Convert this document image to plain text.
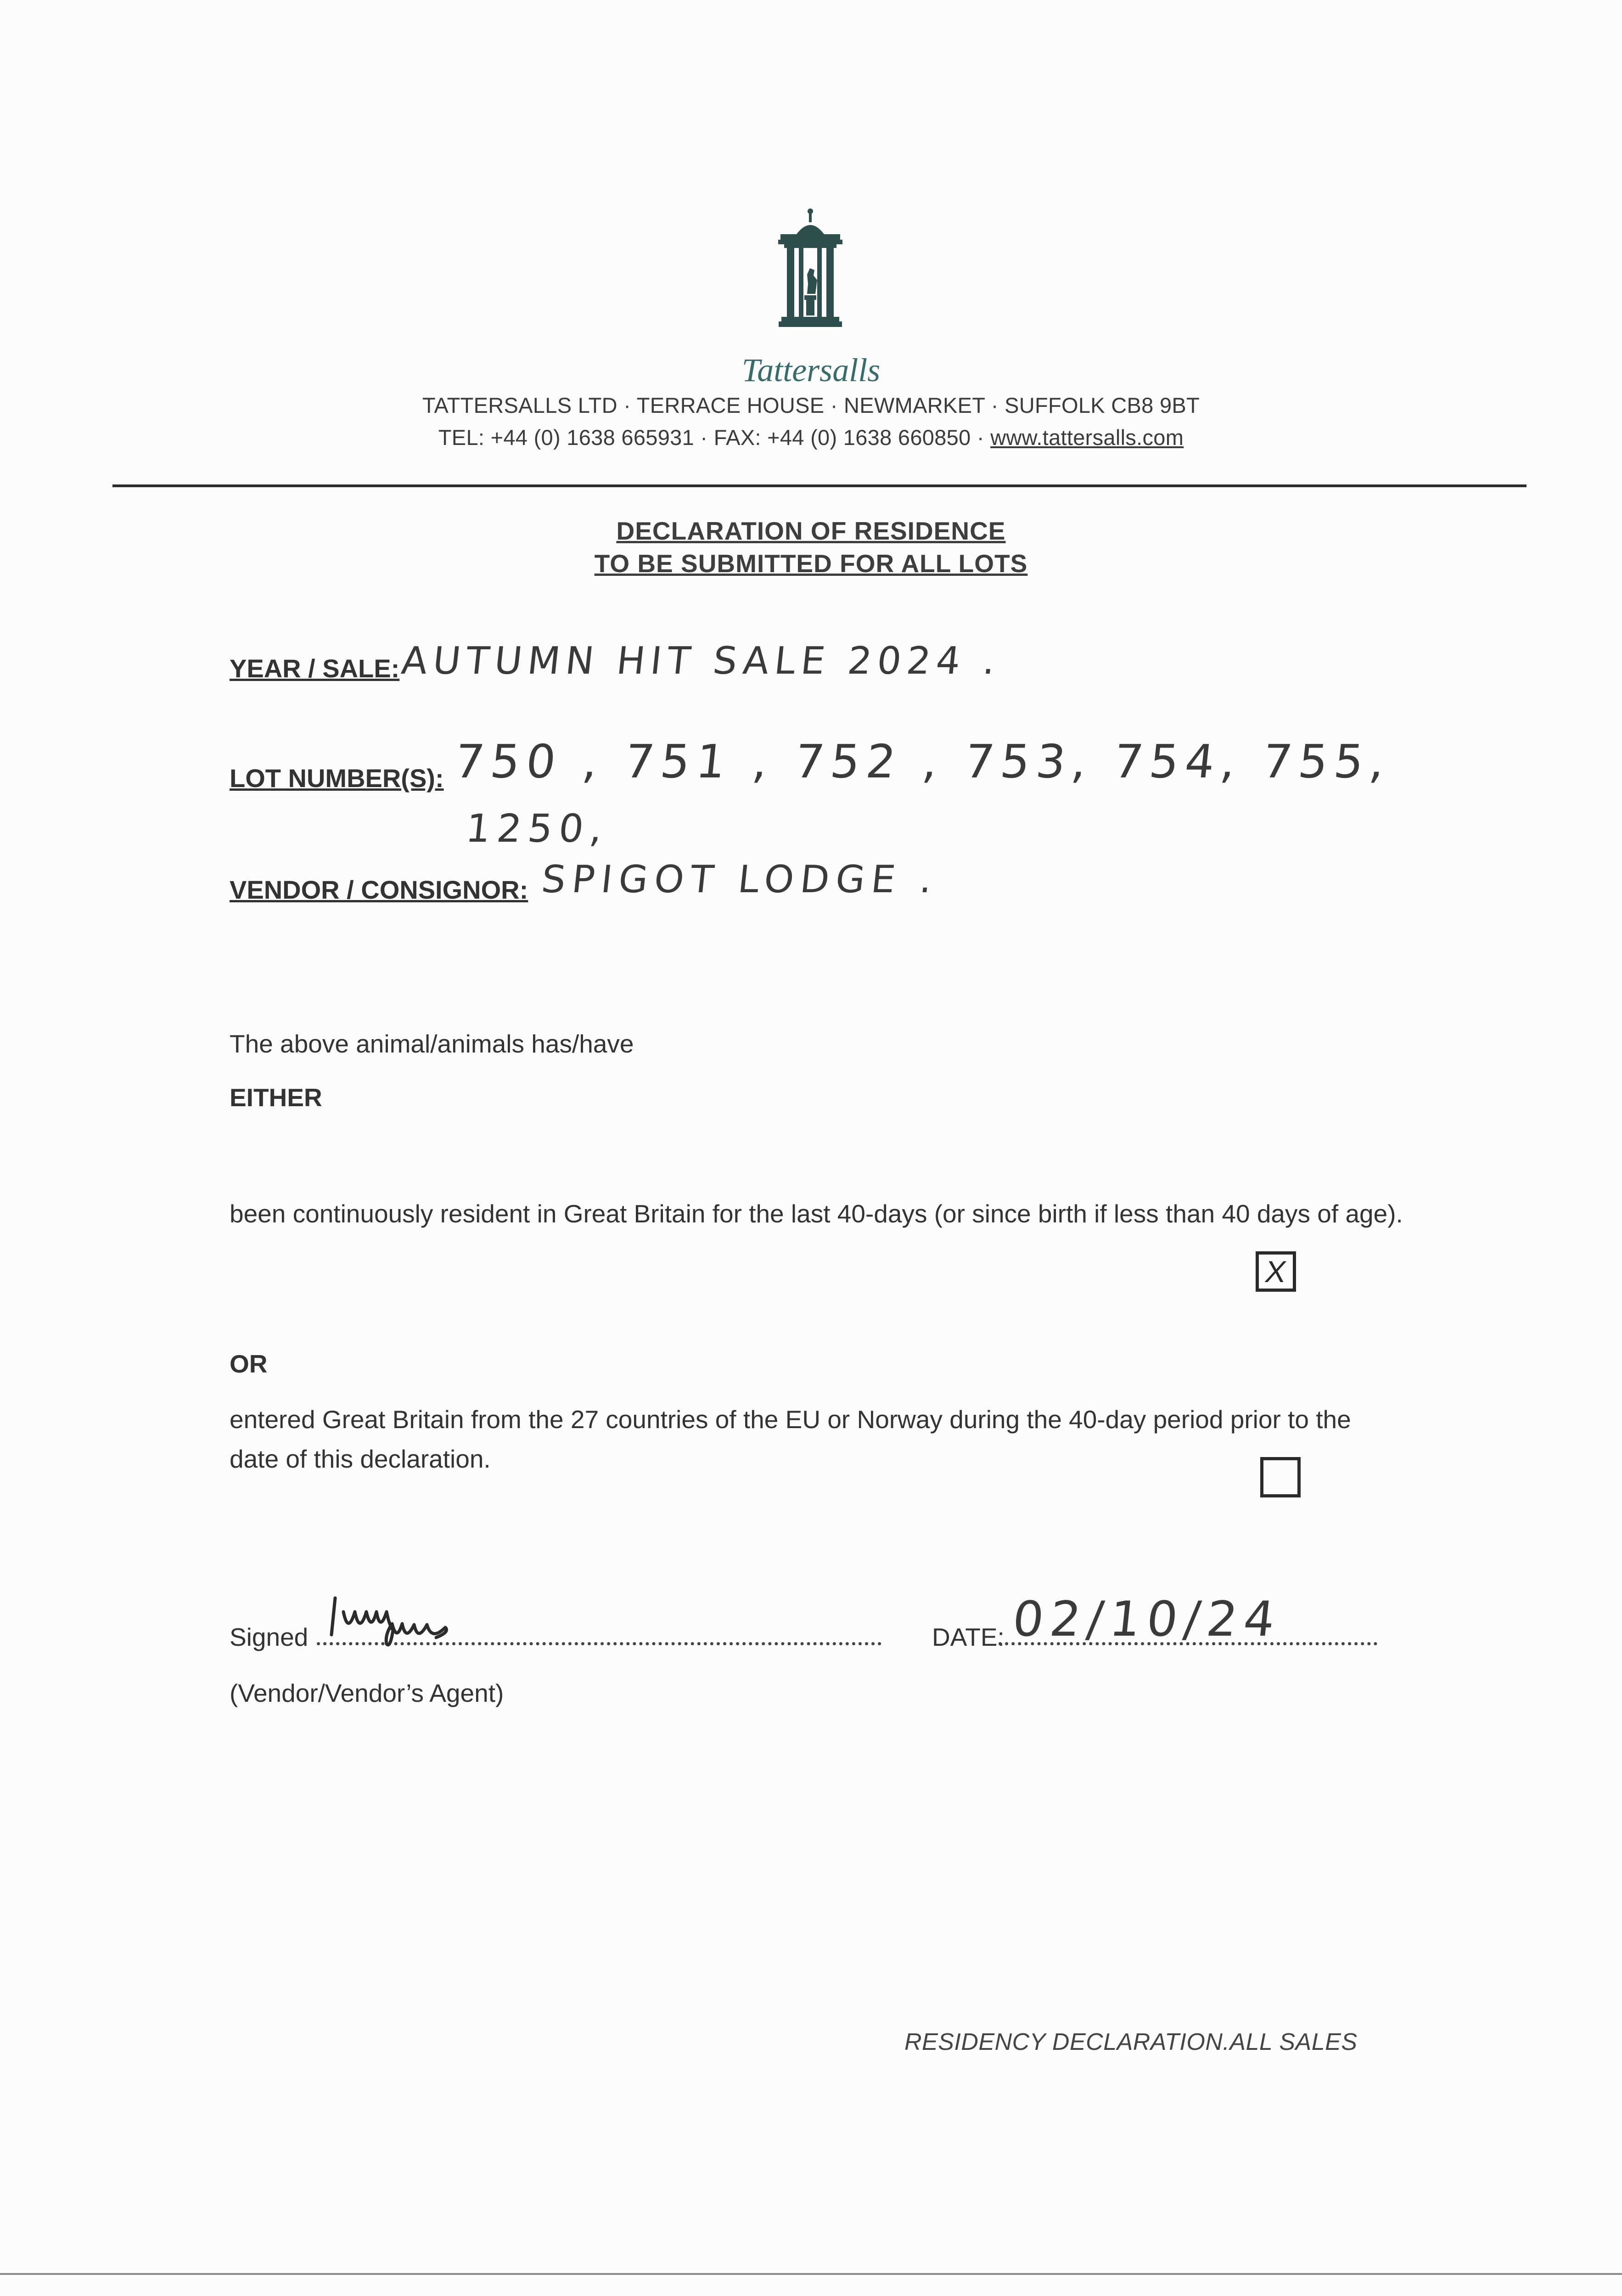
Tattersalls
TATTERSALLS LTD · TERRACE HOUSE · NEWMARKET · SUFFOLK CB8 9BT
TEL: +44 (0) 1638 665931 · FAX: +44 (0) 1638 660850 · www.tattersalls.com
DECLARATION OF RESIDENCE
TO BE SUBMITTED FOR ALL LOTS
YEAR / SALE: AUTUMN HIT SALE 2024 .
LOT NUMBER(S): 750 , 751 , 752 , 753, 754, 755,
1250,
VENDOR / CONSIGNOR: SPIGOT LODGE .
The above animal/animals has/have
EITHER
been continuously resident in Great Britain for the last 40-days (or since birth if less than 40 days of age).
X
OR
entered Great Britain from the 27 countries of the EU or Norway during the 40-day period prior to the date of this declaration.
Signed	DATE: 02/10/24
(Vendor/Vendor’s Agent)
RESIDENCY DECLARATION.ALL SALES
